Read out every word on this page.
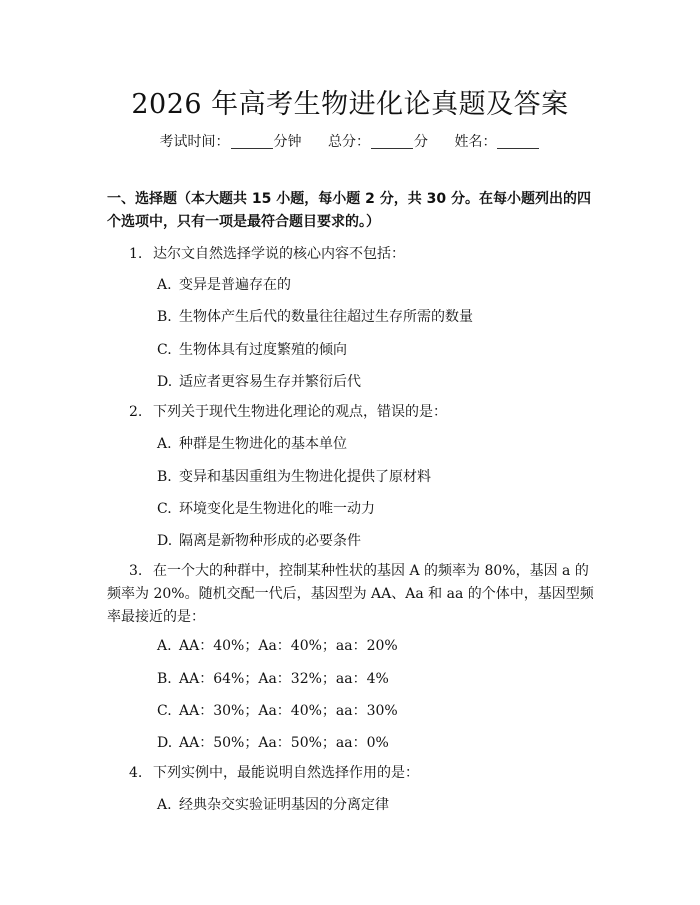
2026 年高考生物进化论真题及答案
考试时间：	分钟 总分：	分 姓名：
一、选择题（本大题共 15 小题，每小题 2 分，共 30 分。在每小题列出的四个选项中，只有一项是最符合题目要求的。）
1. 达尔文自然选择学说的核心内容不包括：
A. 变异是普遍存在的
B. 生物体产生后代的数量往往超过生存所需的数量
C. 生物体具有过度繁殖的倾向
D. 适应者更容易生存并繁衍后代
2. 下列关于现代生物进化理论的观点，错误的是：
A. 种群是生物进化的基本单位
B. 变异和基因重组为生物进化提供了原材料
C. 环境变化是生物进化的唯一动力
D. 隔离是新物种形成的必要条件
3. 在一个大的种群中，控制某种性状的基因 A 的频率为 80%，基因 a 的频率为 20%。随机交配一代后，基因型为 AA、Aa 和 aa 的个体中，基因型频率最接近的是：
A. AA：40%；Aa：40%；aa：20%
B. AA：64%；Aa：32%；aa：4%
C. AA：30%；Aa：40%；aa：30%
D. AA：50%；Aa：50%；aa：0%
4. 下列实例中，最能说明自然选择作用的是：
A. 经典杂交实验证明基因的分离定律
